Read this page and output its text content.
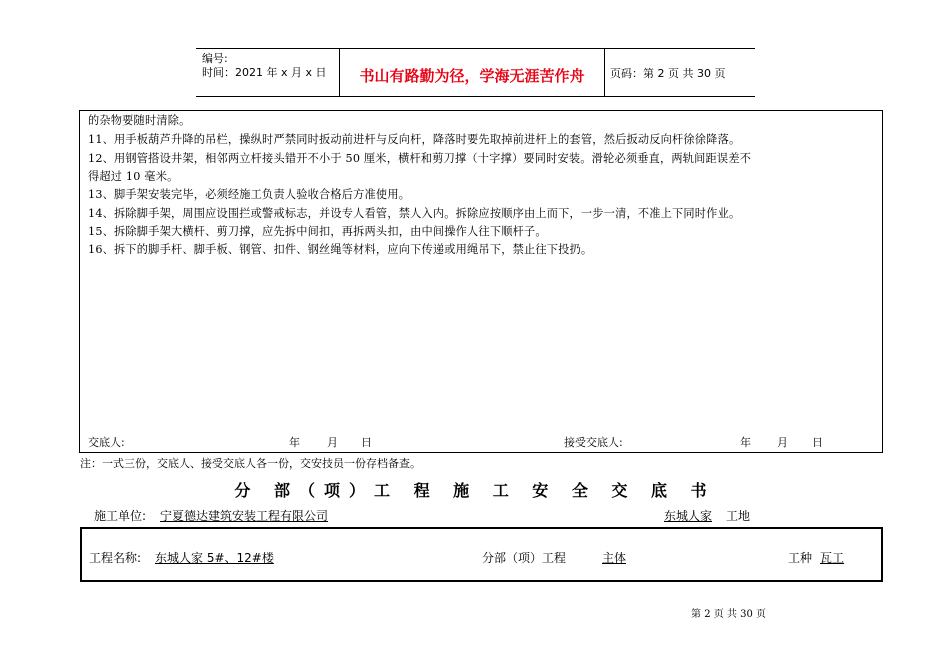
编号:
时间：2021 年 x 月 x 日	书山有路勤为径，学海无涯苦作舟	页码：第 2 页 共 30 页
的杂物要随时清除。
11、用手板葫芦升降的吊栏，操纵时严禁同时扳动前进杆与反向杆，降落时要先取掉前进杆上的套管，然后扳动反向杆徐徐降落。
12、用钢管搭设井架，相邻两立杆接头错开不小于 50 厘米，横杆和剪刀撑（十字撑）要同时安装。滑轮必须垂直，两轨间距误差不
得超过 10 毫米。
13、脚手架安装完毕，必须经施工负责人验收合格后方准使用。
14、拆除脚手架，周围应设围拦或警戒标志，并设专人看管，禁人入内。拆除应按顺序由上而下，一步一清，不准上下同时作业。
15、拆除脚手架大横杆、剪刀撑，应先拆中间扣，再拆两头扣，由中间操作人往下顺杆子。
16、拆下的脚手杆、脚手板、钢管、扣件、钢丝绳等材料，应向下传递或用绳吊下，禁止往下投扔。
交底人:	年 月 日	接受交底人:	年 月 日
注：一式三份，交底人、接受交底人各一份，交安技员一份存档备查。
分 部（项）工 程 施 工 安 全 交 底 书
施工单位: 宁夏德达建筑安装工程有限公司	东城人家 工地
工程名称: 东城人家 5#、12#楼	分部（项）工程	主体	工种 瓦工
第 2 页 共 30 页
